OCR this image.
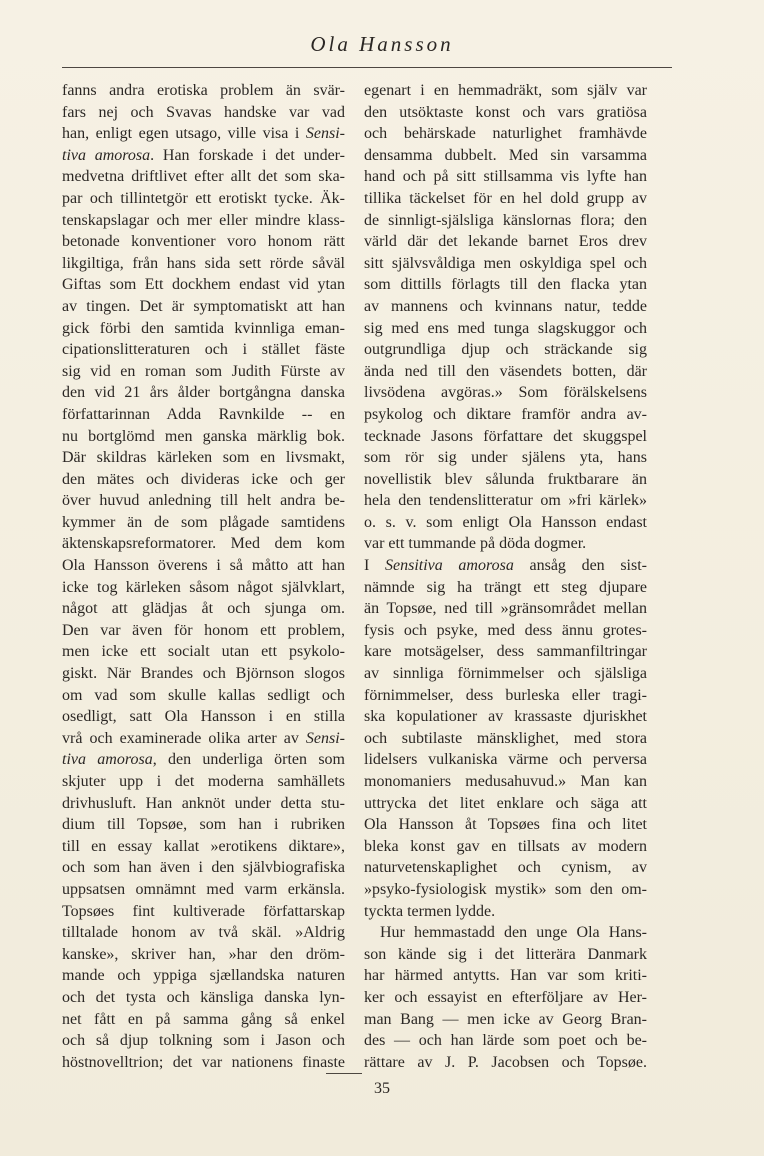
Ola Hansson
fanns andra erotiska problem än svär-
fars nej och Svavas handske var vad
han, enligt egen utsago, ville visa i Sensi-
tiva amorosa. Han forskade i det under-
medvetna driftlivet efter allt det som ska-
par och tillintetgör ett erotiskt tycke. Äk-
tenskapslagar och mer eller mindre klass-
betonade konventioner voro honom rätt
likgiltiga, från hans sida sett rörde såväl
Giftas som Ett dockhem endast vid ytan
av tingen. Det är symptomatiskt att han
gick förbi den samtida kvinnliga eman-
cipationslitteraturen och i stället fäste
sig vid en roman som Judith Fürste av
den vid 21 års ålder bortgångna danska
författarinnan Adda Ravnkilde -- en
nu bortglömd men ganska märklig bok.
Där skildras kärleken som en livsmakt,
den mätes och divideras icke och ger
över huvud anledning till helt andra be-
kymmer än de som plågade samtidens
äktenskapsreformatorer. Med dem kom
Ola Hansson överens i så måtto att han
icke tog kärleken såsom något självklart,
något att glädjas åt och sjunga om.
Den var även för honom ett problem,
men icke ett socialt utan ett psykolo-
giskt. När Brandes och Björnson slogos
om vad som skulle kallas sedligt och
osedligt, satt Ola Hansson i en stilla
vrå och examinerade olika arter av Sensi-
tiva amorosa, den underliga örten som
skjuter upp i det moderna samhällets
drivhusluft. Han anknöt under detta stu-
dium till Topsøe, som han i rubriken
till en essay kallat »erotikens diktare»,
och som han även i den självbiografiska
uppsatsen omnämnt med varm erkänsla.
Topsøes fint kultiverade författarskap
tilltalade honom av två skäl. »Aldrig
kanske», skriver han, »har den dröm-
mande och yppiga sjællandska naturen
och det tysta och känsliga danska lyn-
net fått en på samma gång så enkel
och så djup tolkning som i Jason och
höstnovelltrion; det var nationens finaste
egenart i en hemmadräkt, som själv var
den utsöktaste konst och vars gratiösa
och behärskade naturlighet framhävde
densamma dubbelt. Med sin varsamma
hand och på sitt stillsamma vis lyfte han
tillika täckelset för en hel dold grupp av
de sinnligt-själsliga känslornas flora; den
värld där det lekande barnet Eros drev
sitt självsvåldiga men oskyldiga spel och
som dittills förlagts till den flacka ytan
av mannens och kvinnans natur, tedde
sig med ens med tunga slagskuggor och
outgrundliga djup och sträckande sig
ända ned till den väsendets botten, där
livsödena avgöras.» Som förälskelsens
psykolog och diktare framför andra av-
tecknade Jasons författare det skuggspel
som rör sig under själens yta, hans
novellistik blev sålunda fruktbarare än
hela den tendenslitteratur om »fri kärlek»
o. s. v. som enligt Ola Hansson endast
var ett tummande på döda dogmer.
I Sensitiva amorosa ansåg den sist-
nämnde sig ha trängt ett steg djupare
än Topsøe, ned till »gränsområdet mellan
fysis och psyke, med dess ännu grotes-
kare motsägelser, dess sammanfiltringar
av sinnliga förnimmelser och själsliga
förnimmelser, dess burleska eller tragi-
ska kopulationer av krassaste djuriskhet
och subtilaste mänsklighet, med stora
lidelsers vulkaniska värme och perversa
monomaniers medusahuvud.» Man kan
uttrycka det litet enklare och säga att
Ola Hansson åt Topsøes fina och litet
bleka konst gav en tillsats av modern
naturvetenskaplighet och cynism, av
»psyko-fysiologisk mystik» som den om-
tyckta termen lydde.
Hur hemmastadd den unge Ola Hans-
son kände sig i det litterära Danmark
har härmed antytts. Han var som kriti-
ker och essayist en efterföljare av Her-
man Bang — men icke av Georg Bran-
des — och han lärde som poet och be-
rättare av J. P. Jacobsen och Topsøe.
35
